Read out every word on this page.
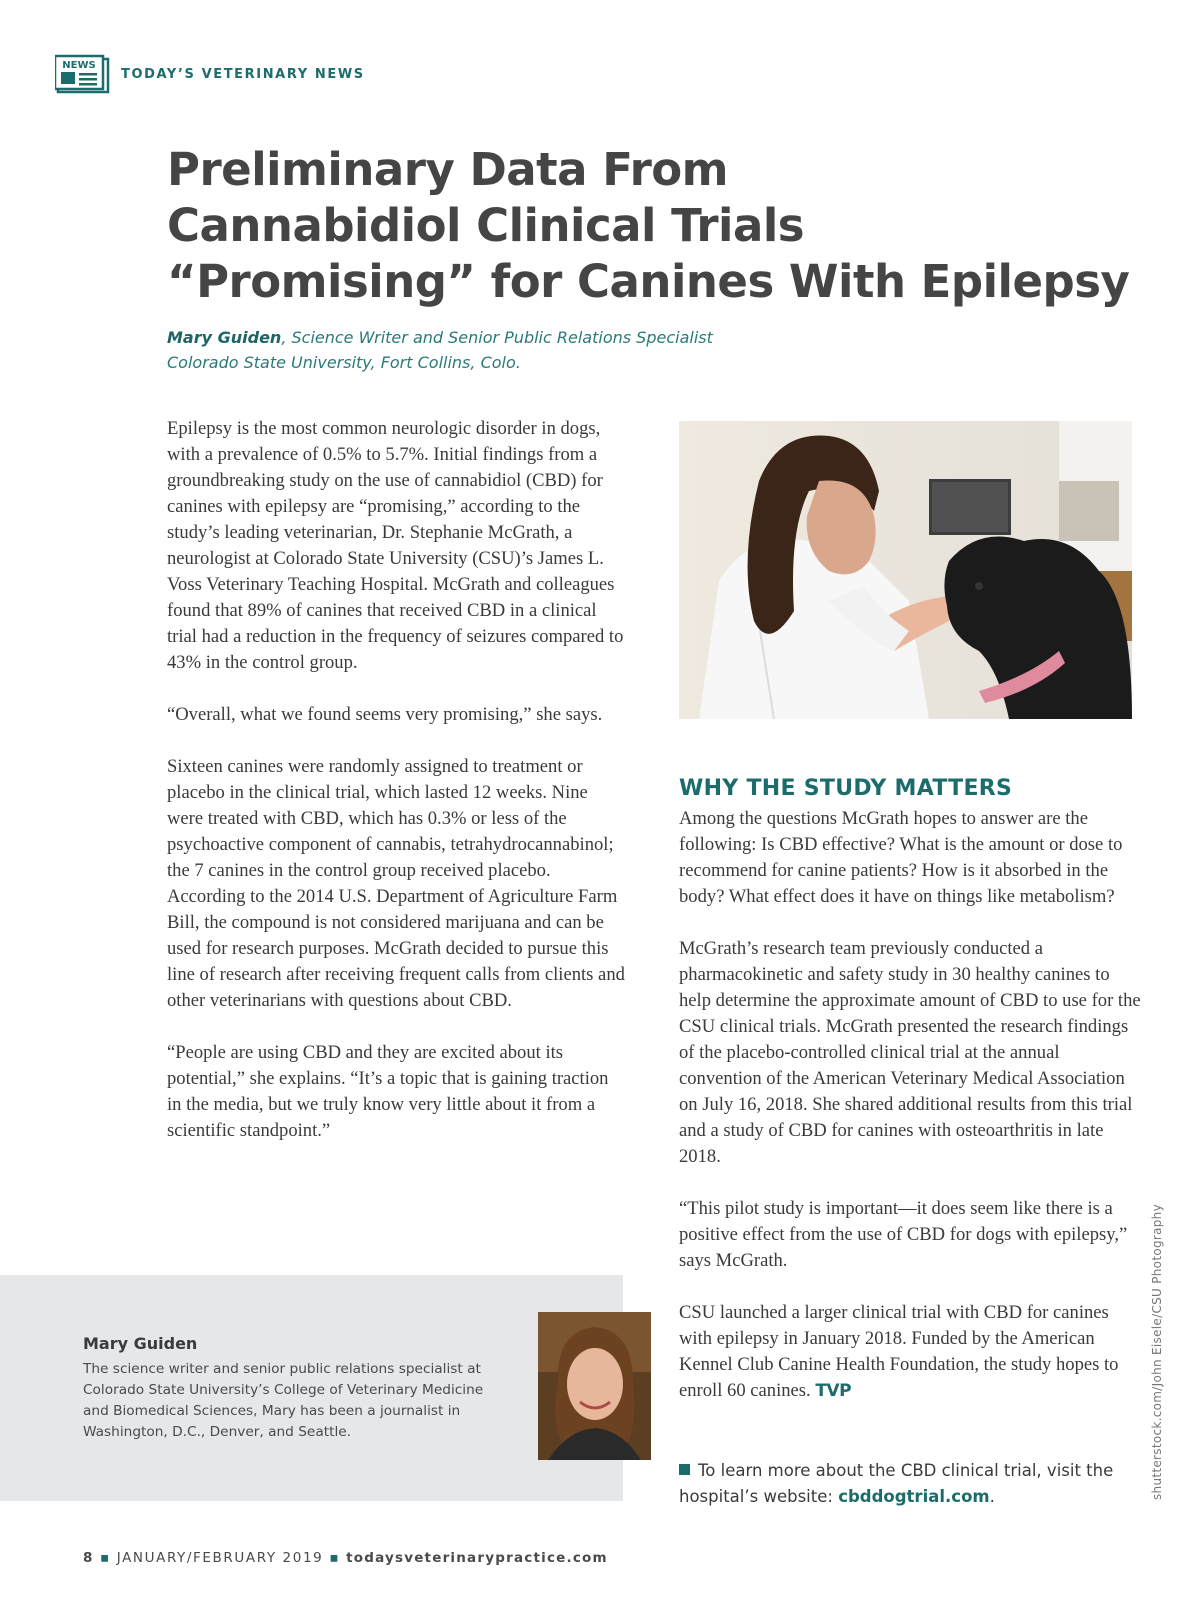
NEWS
TODAY’S VETERINARY NEWS
Preliminary Data From
Cannabidiol Clinical Trials
“Promising” for Canines With Epilepsy
Mary Guiden, Science Writer and Senior Public Relations Specialist
Colorado State University, Fort Collins, Colo.

Epilepsy is the most common neurologic disorder in dogs, with a prevalence of 0.5% to 5.7%. Initial findings from a groundbreaking study on the use of cannabidiol (CBD) for canines with epilepsy are “promising,” according to the study’s leading veterinarian, Dr. Stephanie McGrath, a neurologist at Colorado State University (CSU)’s James L. Voss Veterinary Teaching Hospital. McGrath and colleagues found that 89% of canines that received CBD in a clinical trial had a reduction in the frequency of seizures compared to 43% in the control group.

“Overall, what we found seems very promising,” she says.

Sixteen canines were randomly assigned to treatment or placebo in the clinical trial, which lasted 12 weeks. Nine were treated with CBD, which has 0.3% or less of the psychoactive component of cannabis, tetrahydrocannabinol; the 7 canines in the control group received placebo. According to the 2014 U.S. Department of Agriculture Farm Bill, the compound is not considered marijuana and can be used for research purposes. McGrath decided to pursue this line of research after receiving frequent calls from clients and other veterinarians with questions about CBD.

“People are using CBD and they are excited about its potential,” she explains. “It’s a topic that is gaining traction in the media, but we truly know very little about it from a scientific standpoint.”

WHY THE STUDY MATTERS

Among the questions McGrath hopes to answer are the following: Is CBD effective? What is the amount or dose to recommend for canine patients? How is it absorbed in the body? What effect does it have on things like metabolism?

McGrath’s research team previously conducted a pharmacokinetic and safety study in 30 healthy canines to help determine the approximate amount of CBD to use for the CSU clinical trials. McGrath presented the research findings of the placebo-controlled clinical trial at the annual convention of the American Veterinary Medical Association on July 16, 2018. She shared additional results from this trial and a study of CBD for canines with osteoarthritis in late 2018.

“This pilot study is important—it does seem like there is a positive effect from the use of CBD for dogs with epilepsy,” says McGrath.

CSU launched a larger clinical trial with CBD for canines with epilepsy in January 2018. Funded by the American Kennel Club Canine Health Foundation, the study hopes to enroll 60 canines. TVP

To learn more about the CBD clinical trial, visit the hospital’s website: cbddogtrial.com.
Mary Guiden
The science writer and senior public relations specialist at Colorado State University’s College of Veterinary Medicine and Biomedical Sciences, Mary has been a journalist in Washington, D.C., Denver, and Seattle.	shutterstock.com/John Eisele/CSU Photography
8 ▪ JANUARY/FEBRUARY 2019 ▪ todaysveterinarypractice.com
